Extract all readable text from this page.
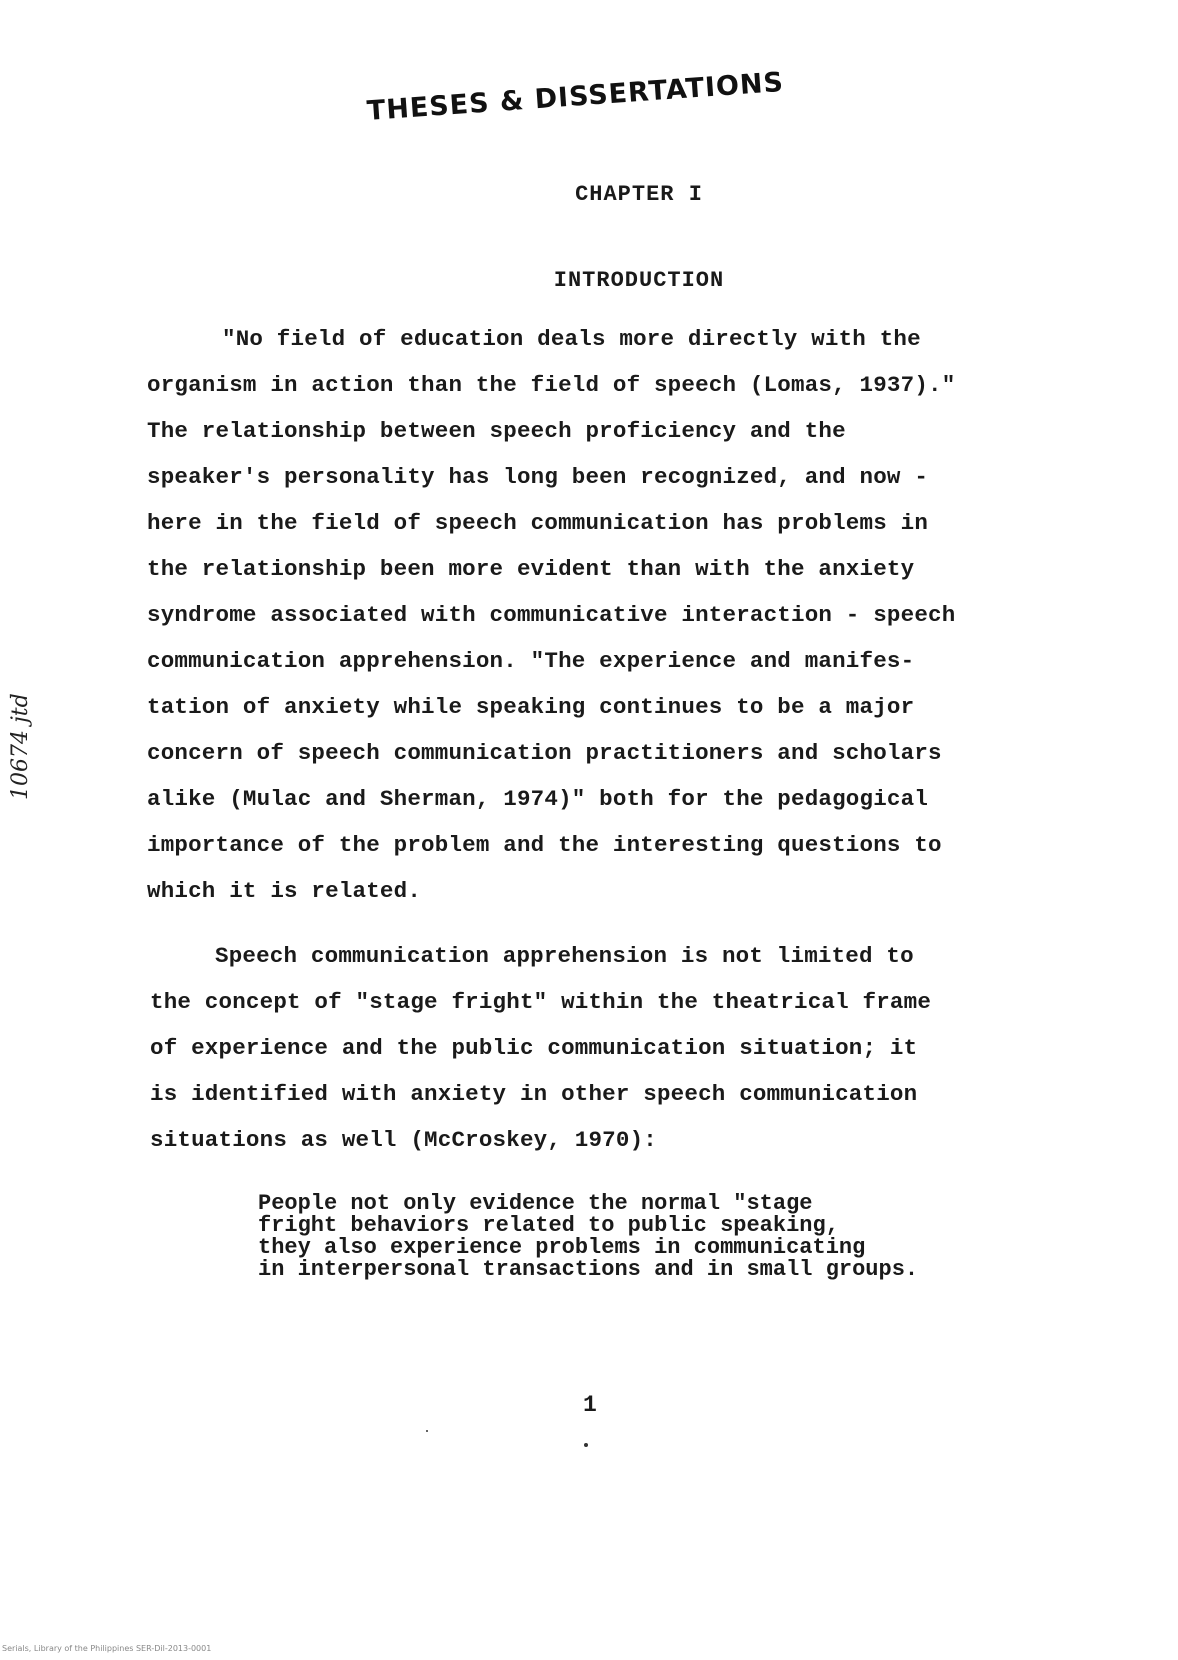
THESES & DISSERTATIONS
10674 jtd
CHAPTER I
INTRODUCTION
"No field of education deals more directly with the
organism in action than the field of speech (Lomas, 1937)."
The relationship between speech proficiency and the
speaker's personality has long been recognized, and now -
here in the field of speech communication has problems in
the relationship been more evident than with the anxiety
syndrome associated with communicative interaction - speech
communication apprehension. "The experience and manifes-
tation of anxiety while speaking continues to be a major
concern of speech communication practitioners and scholars
alike (Mulac and Sherman, 1974)" both for the pedagogical
importance of the problem and the interesting questions to
which it is related.
Speech communication apprehension is not limited to
the concept of "stage fright" within the theatrical frame
of experience and the public communication situation; it
is identified with anxiety in other speech communication
situations as well (McCroskey, 1970):
People not only evidence the normal "stage
fright behaviors related to public speaking,
they also experience problems in communicating
in interpersonal transactions and in small groups.
1
Serials, Library of the Philippines SER-Dil-2013-0001
